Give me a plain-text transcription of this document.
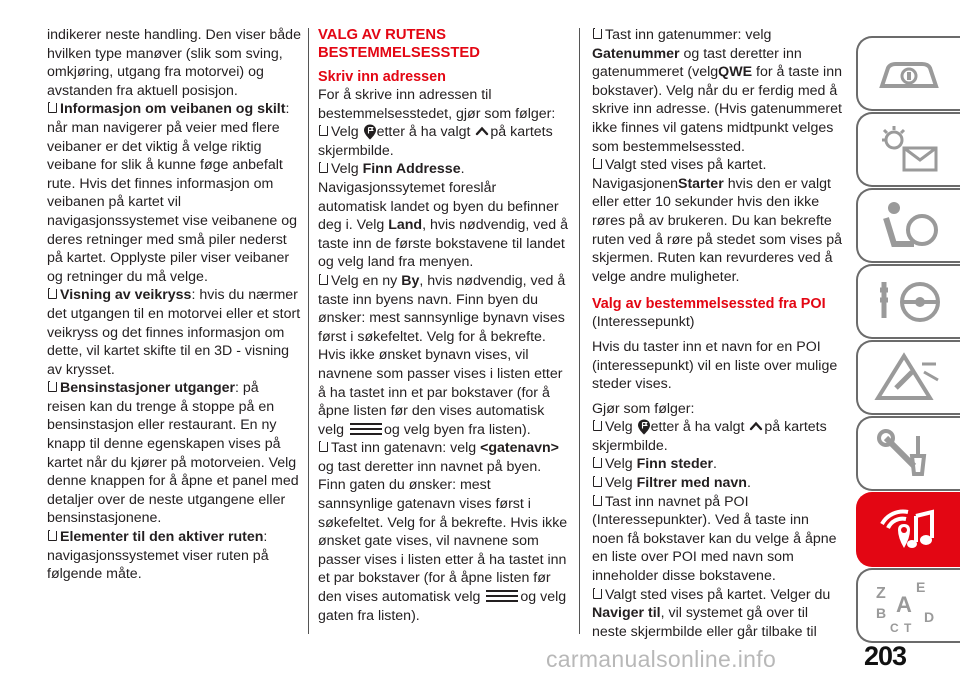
indikerer neste handling. Den viser både hvilken type manøver (slik som sving, omkjøring, utgang fra motorvei) og avstanden fra aktuell posisjon.

Informasjon om veibanen og skilt: når man navigerer på veier med flere veibaner er det viktig å velge riktig veibane for slik å kunne føge anbefalt rute. Hvis det finnes informasjon om veibanen på kartet vil navigasjonssystemet vise veibanene og deres retninger med små piler nederst på kartet. Opplyste piler viser veibaner og retninger du må velge.

Visning av veikryss: hvis du nærmer det utgangen til en motorvei eller et stort veikryss og det finnes informasjon om dette, vil kartet skifte til en 3D - visning av krysset.

Bensinstasjoner utganger: på reisen kan du trenge å stoppe på en bensinstasjon eller restaurant. En ny knapp til denne egenskapen vises på kartet når du kjører på motorveien. Velg denne knappen for å åpne et panel med detaljer over de neste utgangene eller bensinstasjonene.

Elementer til den aktiver ruten: navigasjonssystemet viser ruten på følgende måte.

VALG AV RUTENS BESTEMMELSESSTED

Skriv inn adressen

For å skrive inn adressen til bestemmelsesstedet, gjør som følger:

Velg etter å ha valgt på kartets skjermbilde.

Velg Finn Addresse.
Navigasjonssytemet foreslår automatisk landet og byen du befinner deg i. Velg Land, hvis nødvendig, ved å taste inn de første bokstavene til landet og velg land fra menyen.

Velg en ny By, hvis nødvendig, ved å taste inn byens navn. Finn byen du ønsker: mest sannsynlige bynavn vises først i søkefeltet. Velg for å bekrefte. Hvis ikke ønsket bynavn vises, vil navnene som passer vises i listen etter å ha tastet inn et par bokstaver (for å åpne listen før den vises automatisk velg	og velg byen fra listen).

Tast inn gatenavn: velg <gatenavn>
og tast deretter inn navnet på byen. Finn gaten du ønsker: mest sannsynlige gatenavn vises først i søkefeltet. Velg for å bekrefte. Hvis ikke ønsket gate vises, vil navnene som passer vises i listen etter å ha tastet inn et par bokstaver (for å åpne listen før den vises automatisk velg	og velg gaten fra listen).

Tast inn gatenummer: velg
Gatenummer og tast deretter inn gatenummeret (velgQWE for å taste inn bokstaver). Velg når du er ferdig med å skrive inn adresse. (Hvis gatenummeret ikke finnes vil gatens midtpunkt velges som bestemmelsessted.

Valgt sted vises på kartet. NavigasjonenStarter hvis den er valgt eller etter 10 sekunder hvis den ikke røres på av brukeren. Du kan bekrefte ruten ved å røre på stedet som vises på skjermen. Ruten kan revurderes ved å velge andre muligheter.

Valg av bestemmelsessted fra POI

(Interessepunkt)

Hvis du taster inn et navn for en POI (interessepunkt) vil en liste over mulige steder vises.

Gjør som følger:

Velg etter å ha valgt på kartets skjermbilde.

Velg Finn steder.

Velg Filtrer med navn.

Tast inn navnet på POI (Interessepunkter). Ved å taste inn noen få bokstaver kan du velge å åpne en liste over POI med navn som inneholder disse bokstavene.

Valgt sted vises på kartet. Velger du Naviger til, vil systemet gå over til neste skjermbilde eller går tilbake til

Z E
A
B	D
C T
carmanualsonline.info	203
